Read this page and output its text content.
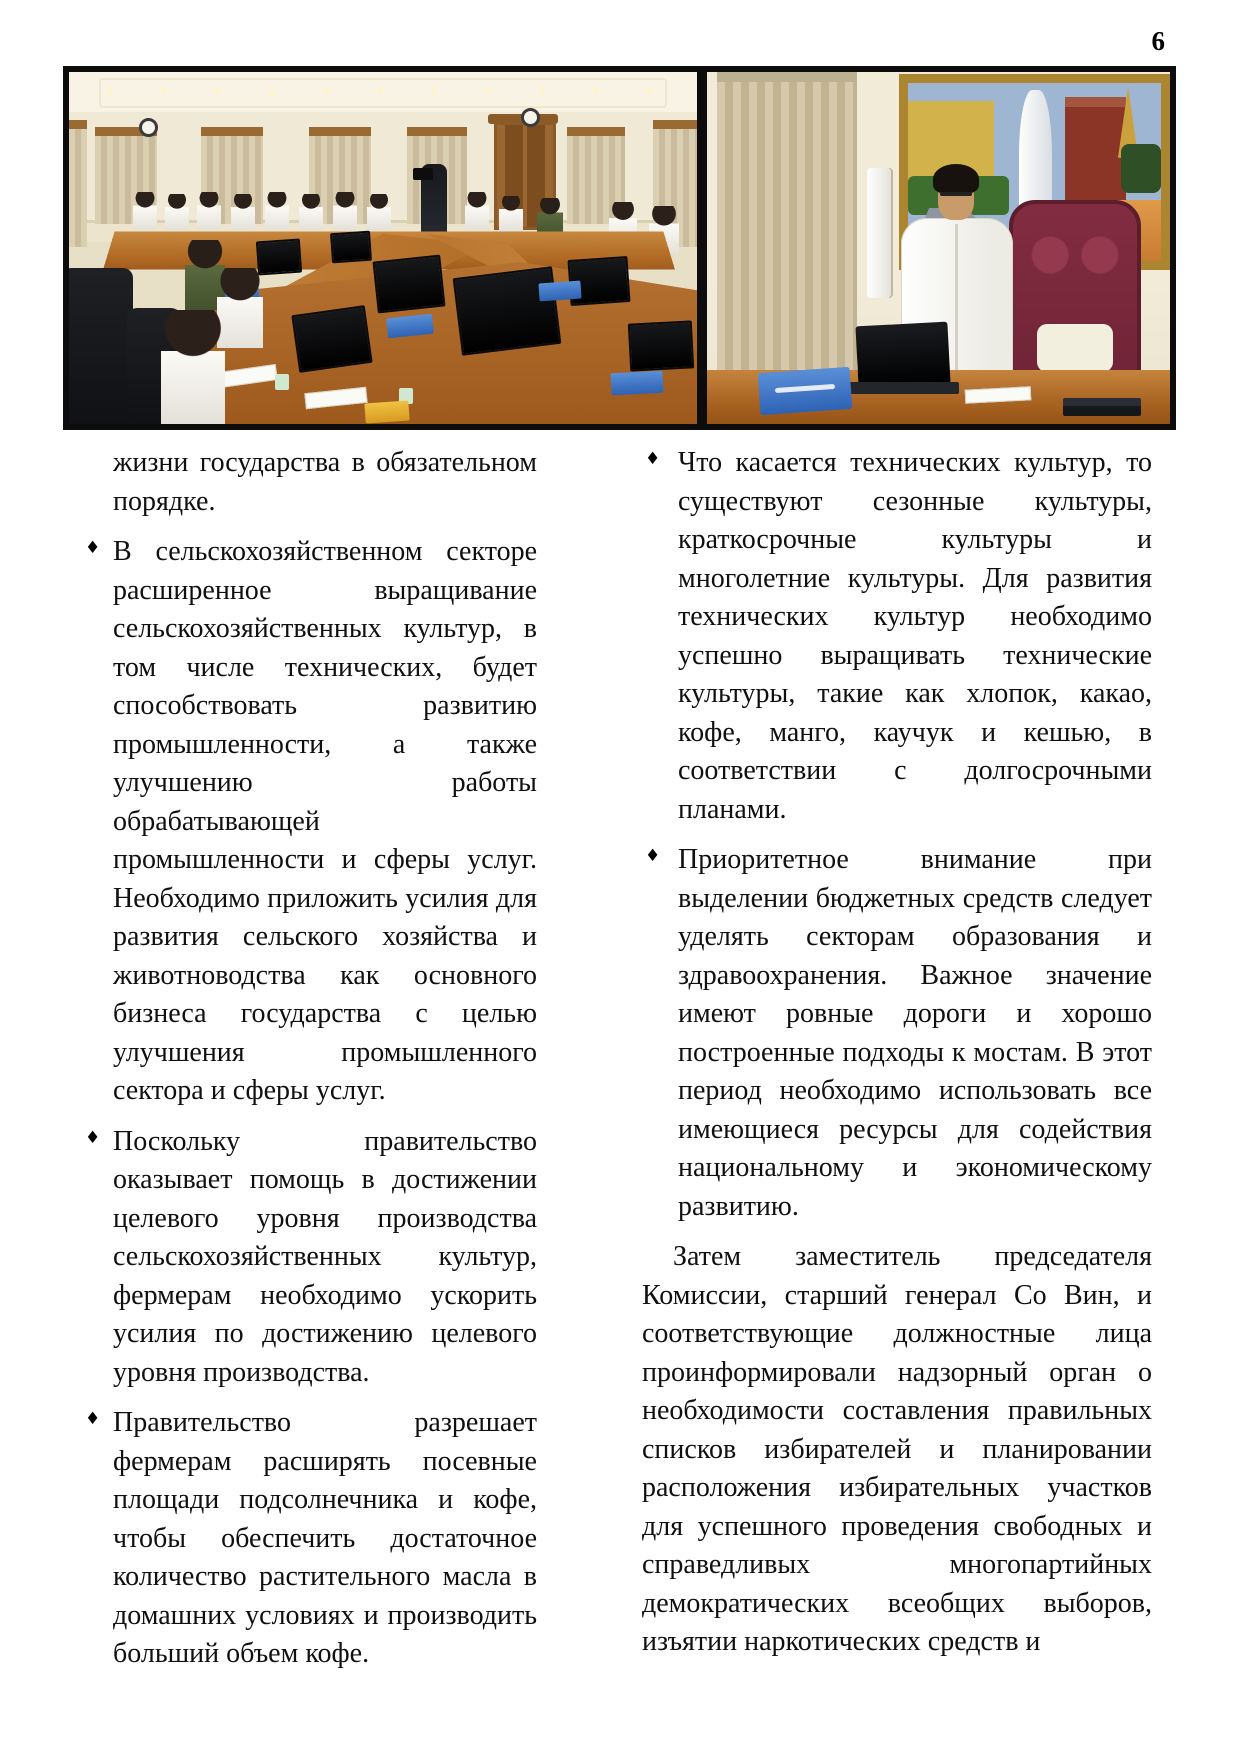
6
жизни государства в обязательном порядке.
♦ В сельскохозяйственном секторе расширенное выращивание сельскохозяйственных культур, в том числе технических, будет способствовать развитию промышленности, а также улучшению работы обрабатывающей промышленности и сферы услуг. Необходимо приложить усилия для развития сельского хозяйства и животноводства как основного бизнеса государства с целью улучшения промышленного сектора и сферы услуг.
♦ Поскольку правительство оказывает помощь в достижении целевого уровня производства сельскохозяйственных культур, фермерам необходимо ускорить усилия по достижению целевого уровня производства.
♦ Правительство разрешает фермерам расширять посевные площади подсолнечника и кофе, чтобы обеспечить достаточное количество растительного масла в домашних условиях и производить больший объем кофе.
♦ Что касается технических культур, то существуют сезонные культуры, краткосрочные культуры и многолетние культуры. Для развития технических культур необходимо успешно выращивать технические культуры, такие как хлопок, какао, кофе, манго, каучук и кешью, в соответствии с долгосрочными планами.
♦ Приоритетное внимание при выделении бюджетных средств следует уделять секторам образования и здравоохранения. Важное значение имеют ровные дороги и хорошо построенные подходы к мостам. В этот период необходимо использовать все имеющиеся ресурсы для содействия национальному и экономическому развитию.
Затем заместитель председателя Комиссии, старший генерал Со Вин, и соответствующие должностные лица проинформировали надзорный орган о необходимости составления правильных списков избирателей и планировании расположения избирательных участков для успешного проведения свободных и справедливых многопартийных демократических всеобщих выборов, изъятии наркотических средств и
